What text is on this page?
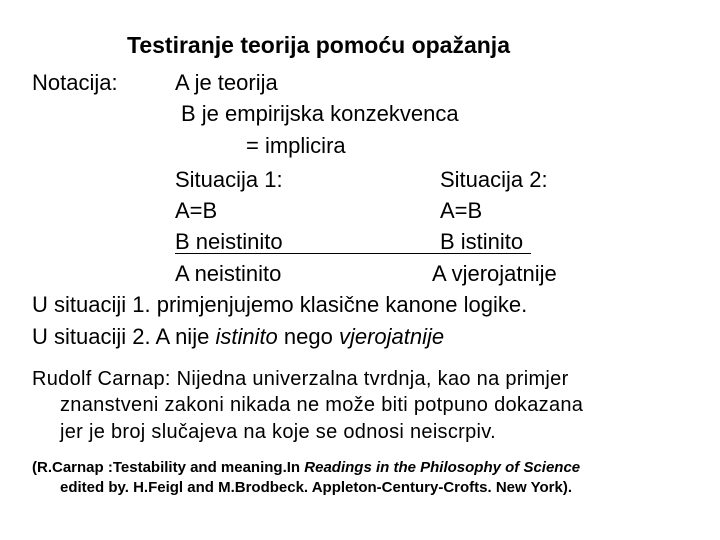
Testiranje teorija pomoću opažanja
Notacija:	A je teorija
B je empirijska konzekvenca
= implicira
Situacija 1:	Situacija 2:
A=B	A=B
B neistinito	B istinito
A neistinito	A vjerojatnije
U situaciji 1. primjenjujemo klasične kanone logike.
U situaciji 2. A nije istinito nego vjerojatnije
Rudolf Carnap: Nijedna univerzalna tvrdnja, kao na primjer
znanstveni zakoni nikada ne može biti potpuno dokazana
jer je broj slučajeva na koje se odnosi neiscrpiv.
(R.Carnap :Testability and meaning.In Readings in the Philosophy of Science
edited by. H.Feigl and M.Brodbeck. Appleton-Century-Crofts. New York).
